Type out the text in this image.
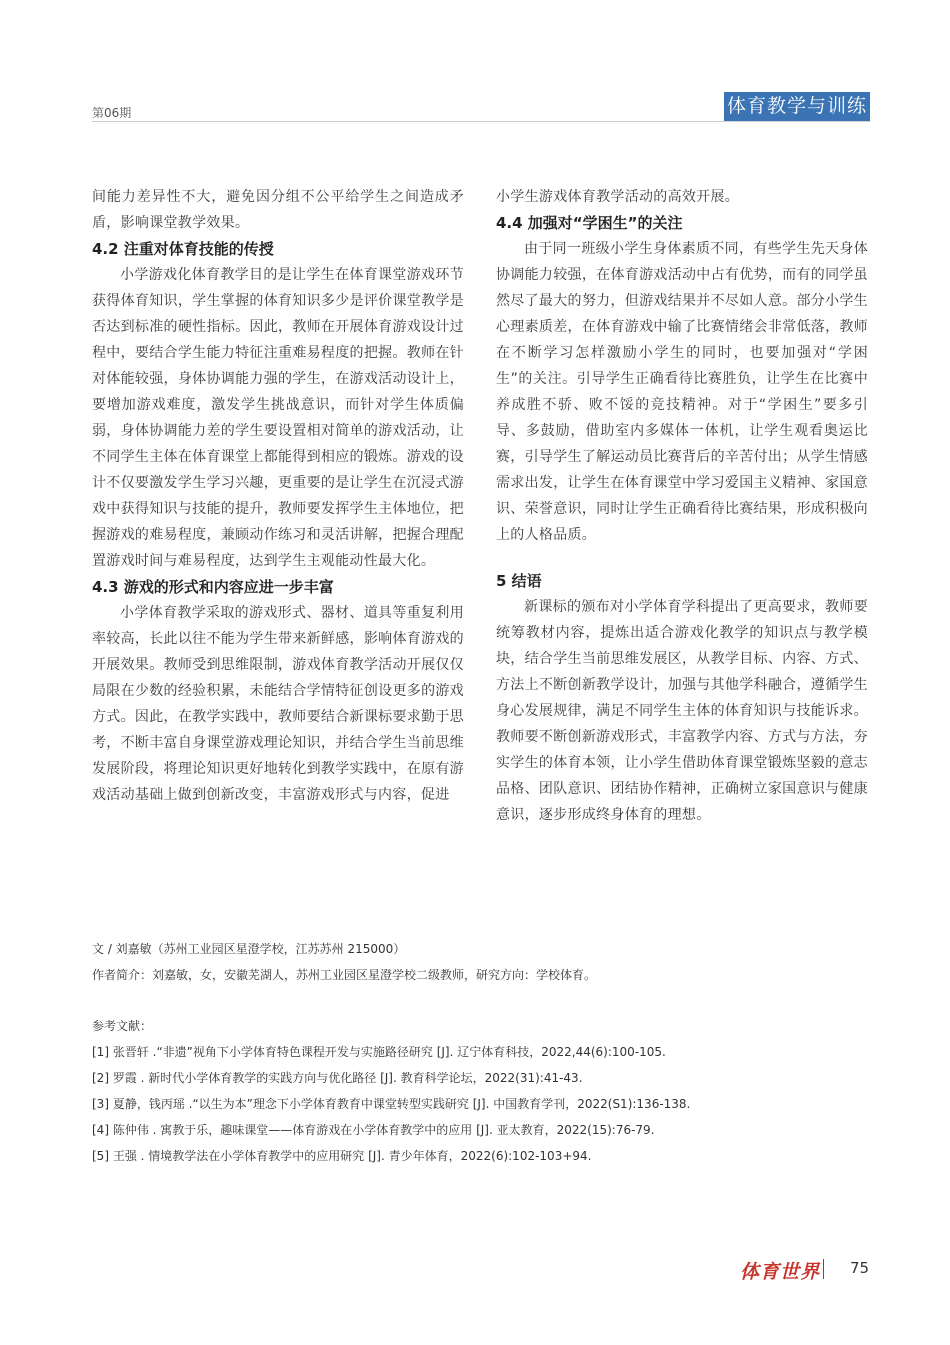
第06期	体育教学与训练

间能力差异性不大，避免因分组不公平给学生之间造成矛盾，影响课堂教学效果。

4.2 注重对体育技能的传授

小学游戏化体育教学目的是让学生在体育课堂游戏环节获得体育知识，学生掌握的体育知识多少是评价课堂教学是否达到标准的硬性指标。因此，教师在开展体育游戏设计过程中，要结合学生能力特征注重难易程度的把握。教师在针对体能较强，身体协调能力强的学生，在游戏活动设计上，要增加游戏难度，激发学生挑战意识，而针对学生体质偏弱，身体协调能力差的学生要设置相对简单的游戏活动，让不同学生主体在体育课堂上都能得到相应的锻炼。游戏的设计不仅要激发学生学习兴趣，更重要的是让学生在沉浸式游戏中获得知识与技能的提升，教师要发挥学生主体地位，把握游戏的难易程度，兼顾动作练习和灵活讲解，把握合理配置游戏时间与难易程度，达到学生主观能动性最大化。

4.3 游戏的形式和内容应进一步丰富

小学体育教学采取的游戏形式、器材、道具等重复利用率较高，长此以往不能为学生带来新鲜感，影响体育游戏的开展效果。教师受到思维限制，游戏体育教学活动开展仅仅局限在少数的经验积累，未能结合学情特征创设更多的游戏方式。因此，在教学实践中，教师要结合新课标要求勤于思考，不断丰富自身课堂游戏理论知识，并结合学生当前思维发展阶段，将理论知识更好地转化到教学实践中，在原有游戏活动基础上做到创新改变，丰富游戏形式与内容，促进

小学生游戏体育教学活动的高效开展。

4.4 加强对“学困生”的关注

由于同一班级小学生身体素质不同，有些学生先天身体协调能力较强，在体育游戏活动中占有优势，而有的同学虽然尽了最大的努力，但游戏结果并不尽如人意。部分小学生心理素质差，在体育游戏中输了比赛情绪会非常低落，教师在不断学习怎样激励小学生的同时，也要加强对“学困生”的关注。引导学生正确看待比赛胜负，让学生在比赛中养成胜不骄、败不馁的竞技精神。对于“学困生”要多引导、多鼓励，借助室内多媒体一体机，让学生观看奥运比赛，引导学生了解运动员比赛背后的辛苦付出；从学生情感需求出发，让学生在体育课堂中学习爱国主义精神、家国意识、荣誉意识，同时让学生正确看待比赛结果，形成积极向上的人格品质。

5 结语

新课标的颁布对小学体育学科提出了更高要求，教师要统筹教材内容，提炼出适合游戏化教学的知识点与教学模块，结合学生当前思维发展区，从教学目标、内容、方式、方法上不断创新教学设计，加强与其他学科融合，遵循学生身心发展规律，满足不同学生主体的体育知识与技能诉求。教师要不断创新游戏形式，丰富教学内容、方式与方法，夯实学生的体育本领，让小学生借助体育课堂锻炼坚毅的意志品格、团队意识、团结协作精神，正确树立家国意识与健康意识，逐步形成终身体育的理想。

文 / 刘嘉敏（苏州工业园区星澄学校，江苏苏州 215000）
作者简介：刘嘉敏，女，安徽芜湖人，苏州工业园区星澄学校二级教师，研究方向：学校体育。

参考文献：

[1] 张晋轩 .“非遗”视角下小学体育特色课程开发与实施路径研究 [J]. 辽宁体育科技，2022,44(6):100-105.

[2] 罗霞 . 新时代小学体育教学的实践方向与优化路径 [J]. 教育科学论坛，2022(31):41-43.

[3] 夏静，钱丙瑶 .“以生为本”理念下小学体育教育中课堂转型实践研究 [J]. 中国教育学刊，2022(S1):136-138.

[4] 陈仲伟 . 寓教于乐，趣味课堂——体育游戏在小学体育教学中的应用 [J]. 亚太教育，2022(15):76-79.

[5] 王强 . 情境教学法在小学体育教学中的应用研究 [J]. 青少年体育，2022(6):102-103+94.

体育世界 75
